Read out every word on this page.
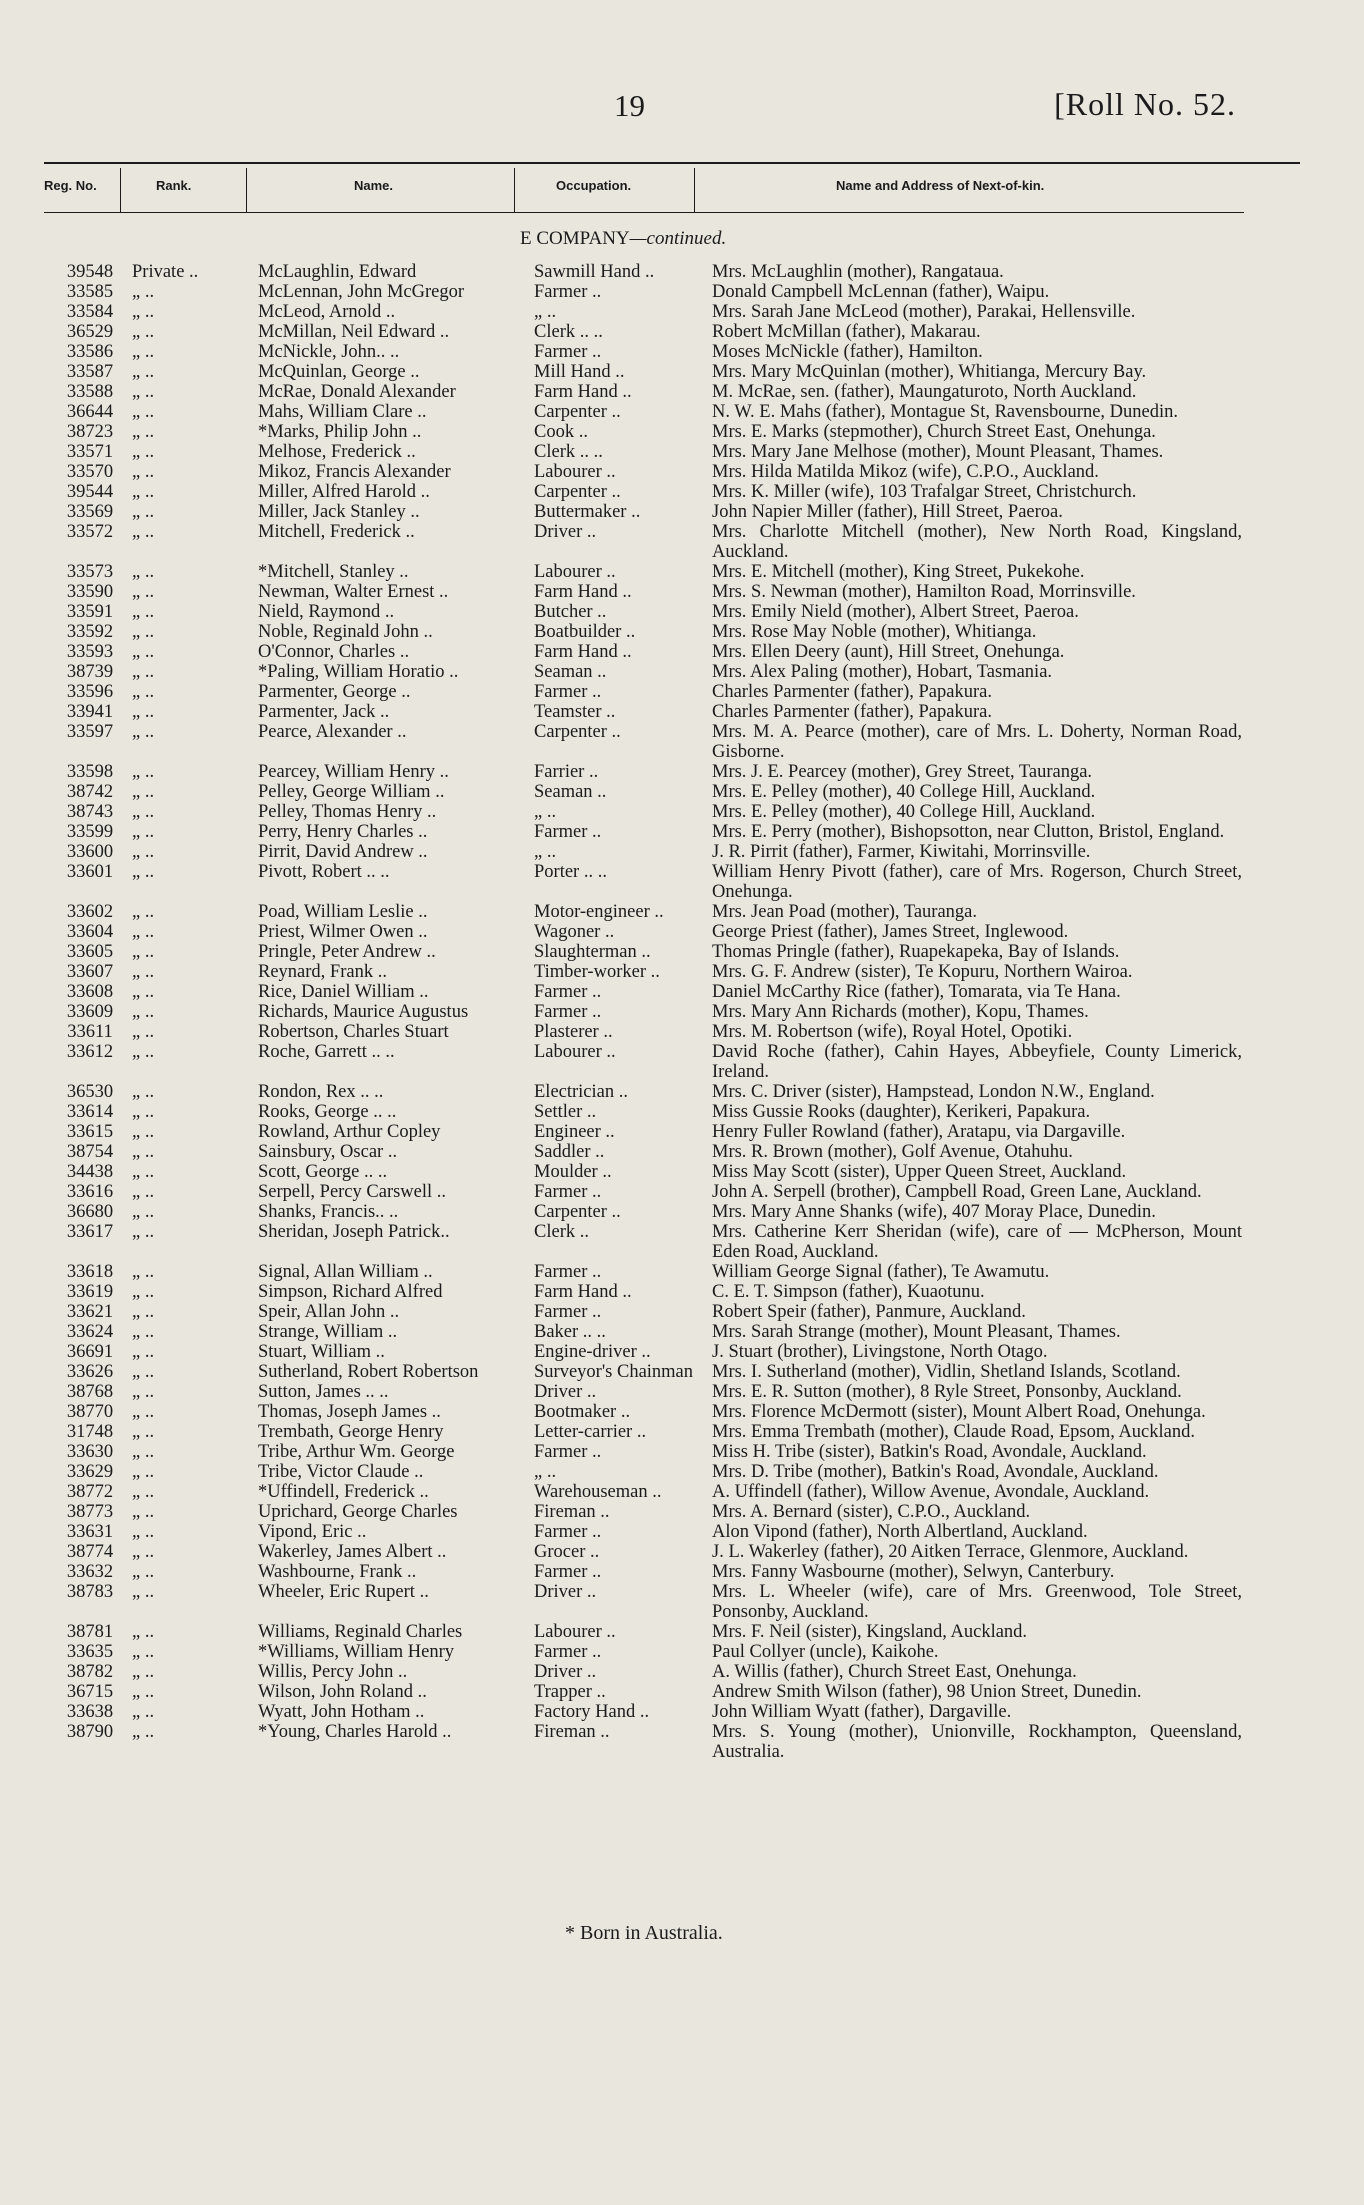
19	[Roll No. 52.
Reg. No.	Rank.	Name.	Occupation.	Name and Address of Next-of-kin.
E COMPANY—continued.
39548	Private ..	McLaughlin, Edward	Sawmill Hand ..	Mrs. McLaughlin (mother), Rangataua.
33585	„ ..	McLennan, John McGregor	Farmer ..	Donald Campbell McLennan (father), Waipu.
33584	„ ..	McLeod, Arnold ..	„ ..	Mrs. Sarah Jane McLeod (mother), Parakai, Hellensville.
36529	„ ..	McMillan, Neil Edward ..	Clerk .. ..	Robert McMillan (father), Makarau.
33586	„ ..	McNickle, John.. ..	Farmer ..	Moses McNickle (father), Hamilton.
33587	„ ..	McQuinlan, George ..	Mill Hand ..	Mrs. Mary McQuinlan (mother), Whitianga, Mercury Bay.
33588	„ ..	McRae, Donald Alexander	Farm Hand ..	M. McRae, sen. (father), Maungaturoto, North Auckland.
36644	„ ..	Mahs, William Clare ..	Carpenter ..	N. W. E. Mahs (father), Montague St, Ravensbourne, Dunedin.
38723	„ ..	*Marks, Philip John ..	Cook ..	Mrs. E. Marks (stepmother), Church Street East, Onehunga.
33571	„ ..	Melhose, Frederick ..	Clerk .. ..	Mrs. Mary Jane Melhose (mother), Mount Pleasant, Thames.
33570	„ ..	Mikoz, Francis Alexander	Labourer ..	Mrs. Hilda Matilda Mikoz (wife), C.P.O., Auckland.
39544	„ ..	Miller, Alfred Harold ..	Carpenter ..	Mrs. K. Miller (wife), 103 Trafalgar Street, Christchurch.
33569	„ ..	Miller, Jack Stanley ..	Buttermaker ..	John Napier Miller (father), Hill Street, Paeroa.
33572	„ ..	Mitchell, Frederick ..	Driver ..	Mrs. Charlotte Mitchell (mother), New North Road, Kingsland, Auckland.
33573	„ ..	*Mitchell, Stanley ..	Labourer ..	Mrs. E. Mitchell (mother), King Street, Pukekohe.
33590	„ ..	Newman, Walter Ernest ..	Farm Hand ..	Mrs. S. Newman (mother), Hamilton Road, Morrinsville.
33591	„ ..	Nield, Raymond ..	Butcher ..	Mrs. Emily Nield (mother), Albert Street, Paeroa.
33592	„ ..	Noble, Reginald John ..	Boatbuilder ..	Mrs. Rose May Noble (mother), Whitianga.
33593	„ ..	O'Connor, Charles ..	Farm Hand ..	Mrs. Ellen Deery (aunt), Hill Street, Onehunga.
38739	„ ..	*Paling, William Horatio ..	Seaman ..	Mrs. Alex Paling (mother), Hobart, Tasmania.
33596	„ ..	Parmenter, George ..	Farmer ..	Charles Parmenter (father), Papakura.
33941	„ ..	Parmenter, Jack ..	Teamster ..	Charles Parmenter (father), Papakura.
33597	„ ..	Pearce, Alexander ..	Carpenter ..	Mrs. M. A. Pearce (mother), care of Mrs. L. Doherty, Norman Road, Gisborne.
33598	„ ..	Pearcey, William Henry ..	Farrier ..	Mrs. J. E. Pearcey (mother), Grey Street, Tauranga.
38742	„ ..	Pelley, George William ..	Seaman ..	Mrs. E. Pelley (mother), 40 College Hill, Auckland.
38743	„ ..	Pelley, Thomas Henry ..	„ ..	Mrs. E. Pelley (mother), 40 College Hill, Auckland.
33599	„ ..	Perry, Henry Charles ..	Farmer ..	Mrs. E. Perry (mother), Bishopsotton, near Clutton, Bristol, England.
33600	„ ..	Pirrit, David Andrew ..	„ ..	J. R. Pirrit (father), Farmer, Kiwitahi, Morrinsville.
33601	„ ..	Pivott, Robert .. ..	Porter .. ..	William Henry Pivott (father), care of Mrs. Rogerson, Church Street, Onehunga.
33602	„ ..	Poad, William Leslie ..	Motor-engineer ..	Mrs. Jean Poad (mother), Tauranga.
33604	„ ..	Priest, Wilmer Owen ..	Wagoner ..	George Priest (father), James Street, Inglewood.
33605	„ ..	Pringle, Peter Andrew ..	Slaughterman ..	Thomas Pringle (father), Ruapekapeka, Bay of Islands.
33607	„ ..	Reynard, Frank ..	Timber-worker ..	Mrs. G. F. Andrew (sister), Te Kopuru, Northern Wairoa.
33608	„ ..	Rice, Daniel William ..	Farmer ..	Daniel McCarthy Rice (father), Tomarata, via Te Hana.
33609	„ ..	Richards, Maurice Augustus	Farmer ..	Mrs. Mary Ann Richards (mother), Kopu, Thames.
33611	„ ..	Robertson, Charles Stuart	Plasterer ..	Mrs. M. Robertson (wife), Royal Hotel, Opotiki.
33612	„ ..	Roche, Garrett .. ..	Labourer ..	David Roche (father), Cahin Hayes, Abbeyfiele, County Limerick, Ireland.
36530	„ ..	Rondon, Rex .. ..	Electrician ..	Mrs. C. Driver (sister), Hampstead, London N.W., England.
33614	„ ..	Rooks, George .. ..	Settler ..	Miss Gussie Rooks (daughter), Kerikeri, Papakura.
33615	„ ..	Rowland, Arthur Copley	Engineer ..	Henry Fuller Rowland (father), Aratapu, via Dargaville.
38754	„ ..	Sainsbury, Oscar ..	Saddler ..	Mrs. R. Brown (mother), Golf Avenue, Otahuhu.
34438	„ ..	Scott, George .. ..	Moulder ..	Miss May Scott (sister), Upper Queen Street, Auckland.
33616	„ ..	Serpell, Percy Carswell ..	Farmer ..	John A. Serpell (brother), Campbell Road, Green Lane, Auckland.
36680	„ ..	Shanks, Francis.. ..	Carpenter ..	Mrs. Mary Anne Shanks (wife), 407 Moray Place, Dunedin.
33617	„ ..	Sheridan, Joseph Patrick..	Clerk ..	Mrs. Catherine Kerr Sheridan (wife), care of — McPherson, Mount Eden Road, Auckland.
33618	„ ..	Signal, Allan William ..	Farmer ..	William George Signal (father), Te Awamutu.
33619	„ ..	Simpson, Richard Alfred	Farm Hand ..	C. E. T. Simpson (father), Kuaotunu.
33621	„ ..	Speir, Allan John ..	Farmer ..	Robert Speir (father), Panmure, Auckland.
33624	„ ..	Strange, William ..	Baker .. ..	Mrs. Sarah Strange (mother), Mount Pleasant, Thames.
36691	„ ..	Stuart, William ..	Engine-driver ..	J. Stuart (brother), Livingstone, North Otago.
33626	„ ..	Sutherland, Robert Robertson	Surveyor's Chainman	Mrs. I. Sutherland (mother), Vidlin, Shetland Islands, Scotland.
38768	„ ..	Sutton, James .. ..	Driver ..	Mrs. E. R. Sutton (mother), 8 Ryle Street, Ponsonby, Auckland.
38770	„ ..	Thomas, Joseph James ..	Bootmaker ..	Mrs. Florence McDermott (sister), Mount Albert Road, Onehunga.
31748	„ ..	Trembath, George Henry	Letter-carrier ..	Mrs. Emma Trembath (mother), Claude Road, Epsom, Auckland.
33630	„ ..	Tribe, Arthur Wm. George	Farmer ..	Miss H. Tribe (sister), Batkin's Road, Avondale, Auckland.
33629	„ ..	Tribe, Victor Claude ..	„ ..	Mrs. D. Tribe (mother), Batkin's Road, Avondale, Auckland.
38772	„ ..	*Uffindell, Frederick ..	Warehouseman ..	A. Uffindell (father), Willow Avenue, Avondale, Auckland.
38773	„ ..	Uprichard, George Charles	Fireman ..	Mrs. A. Bernard (sister), C.P.O., Auckland.
33631	„ ..	Vipond, Eric ..	Farmer ..	Alon Vipond (father), North Albertland, Auckland.
38774	„ ..	Wakerley, James Albert ..	Grocer ..	J. L. Wakerley (father), 20 Aitken Terrace, Glenmore, Auckland.
33632	„ ..	Washbourne, Frank ..	Farmer ..	Mrs. Fanny Wasbourne (mother), Selwyn, Canterbury.
38783	„ ..	Wheeler, Eric Rupert ..	Driver ..	Mrs. L. Wheeler (wife), care of Mrs. Greenwood, Tole Street, Ponsonby, Auckland.
38781	„ ..	Williams, Reginald Charles	Labourer ..	Mrs. F. Neil (sister), Kingsland, Auckland.
33635	„ ..	*Williams, William Henry	Farmer ..	Paul Collyer (uncle), Kaikohe.
38782	„ ..	Willis, Percy John ..	Driver ..	A. Willis (father), Church Street East, Onehunga.
36715	„ ..	Wilson, John Roland ..	Trapper ..	Andrew Smith Wilson (father), 98 Union Street, Dunedin.
33638	„ ..	Wyatt, John Hotham ..	Factory Hand ..	John William Wyatt (father), Dargaville.
38790	„ ..	*Young, Charles Harold ..	Fireman ..	Mrs. S. Young (mother), Unionville, Rockhampton, Queensland, Australia.
* Born in Australia.
